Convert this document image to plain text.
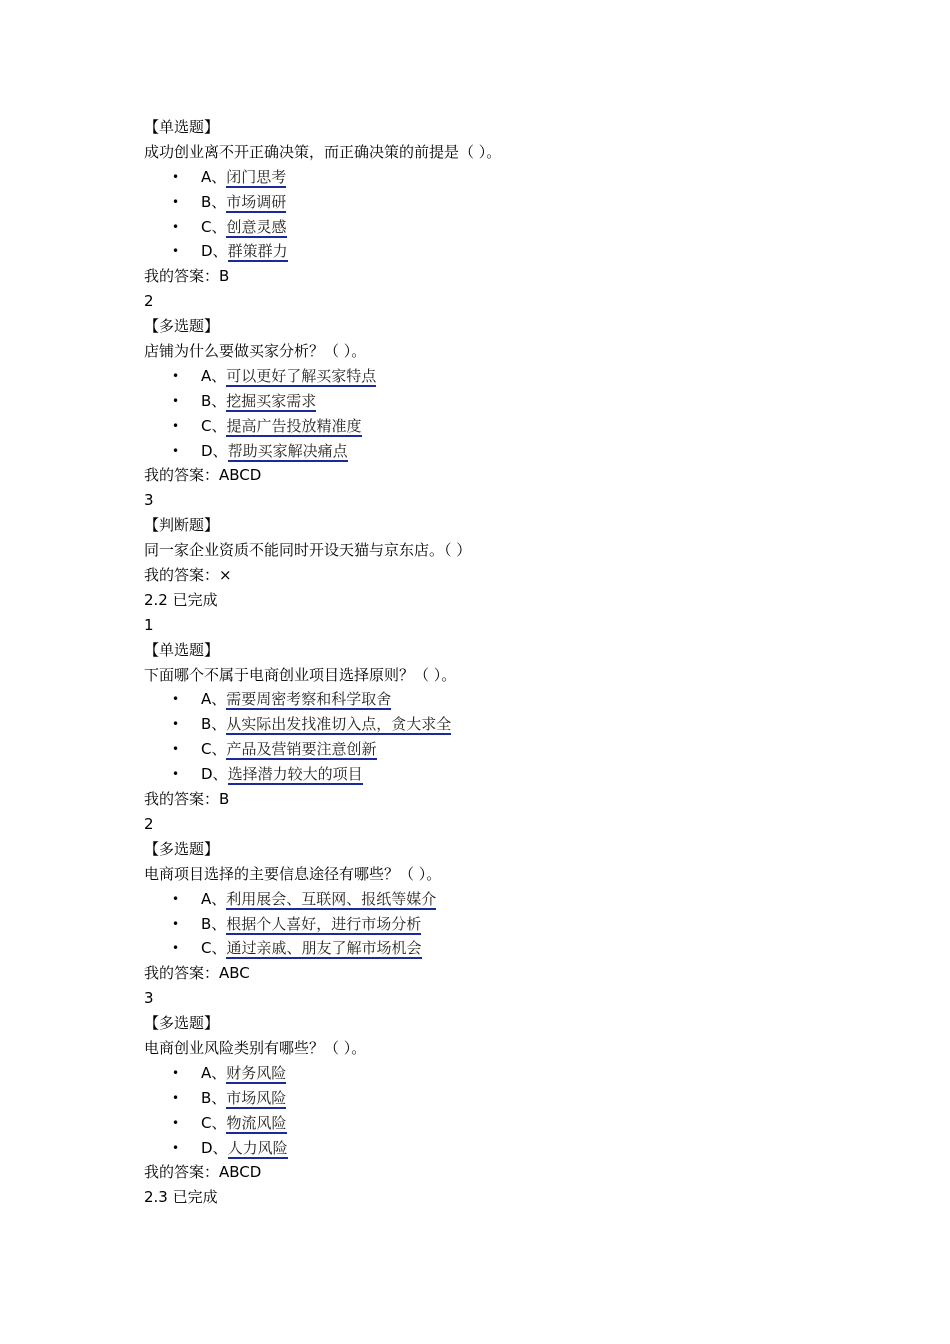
【单选题】
成功创业离不开正确决策，而正确决策的前提是（ ）。
• A、闭门思考
• B、市场调研
• C、创意灵感
• D、群策群力
我的答案：B
2
【多选题】
店铺为什么要做买家分析？（ ）。
• A、可以更好了解买家特点
• B、挖掘买家需求
• C、提高广告投放精准度
• D、帮助买家解决痛点
我的答案：ABCD
3
【判断题】
同一家企业资质不能同时开设天猫与京东店。（ ）
我的答案：×
2.2 已完成
1
【单选题】
下面哪个不属于电商创业项目选择原则？（ ）。
• A、需要周密考察和科学取舍
• B、从实际出发找准切入点，贪大求全
• C、产品及营销要注意创新
• D、选择潜力较大的项目
我的答案：B
2
【多选题】
电商项目选择的主要信息途径有哪些？（ ）。
• A、利用展会、互联网、报纸等媒介
• B、根据个人喜好，进行市场分析
• C、通过亲戚、朋友了解市场机会
我的答案：ABC
3
【多选题】
电商创业风险类别有哪些？（ ）。
• A、财务风险
• B、市场风险
• C、物流风险
• D、人力风险
我的答案：ABCD
2.3 已完成
